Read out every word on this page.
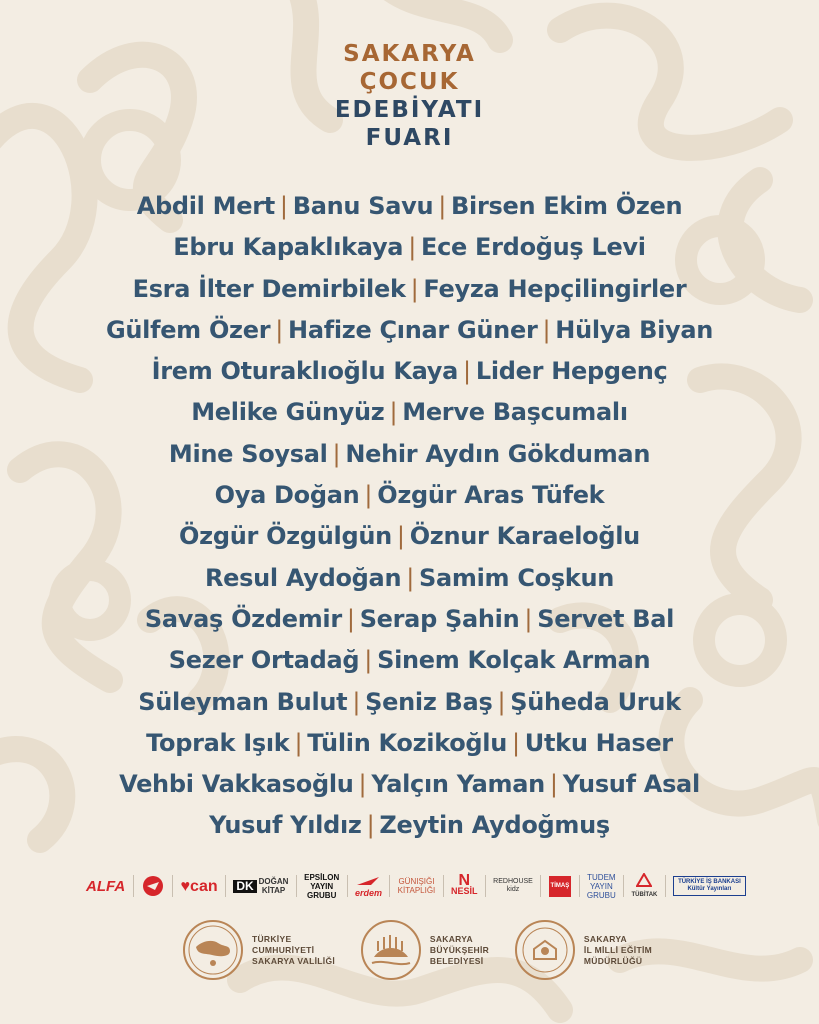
SAKARYA
ÇOCUK
EDEBİYATI
FUARI
Abdil Mert | Banu Savu | Birsen Ekim Özen
Ebru Kapaklıkaya | Ece Erdoğuş Levi
Esra İlter Demirbilek | Feyza Hepçilingirler
Gülfem Özer | Hafize Çınar Güner | Hülya Biyan
İrem Oturaklıoğlu Kaya | Lider Hepgenç
Melike Günyüz | Merve Başcumalı
Mine Soysal | Nehir Aydın Gökduman
Oya Doğan | Özgür Aras Tüfek
Özgür Özgülgün | Öznur Karaeloğlu
Resul Aydoğan | Samim Coşkun
Savaş Özdemir | Serap Şahin | Servet Bal
Sezer Ortadağ | Sinem Kolçak Arman
Süleyman Bulut | Şeniz Baş | Şüheda Uruk
Toprak Işık | Tülin Kozikoğlu | Utku Haser
Vehbi Vakkasoğlu | Yalçın Yaman | Yusuf Asal
Yusuf Yıldız | Zeytin Aydoğmuş
ALFA	♥can DK DOĞAN
KİTAP
EPSİLON
YAYIN
GRUBU	erdem
GÜNIŞIĞI
KİTAPLIĞI
N
NESİL
REDHOUSE
kidz
TİMAŞ
TUDEM
YAYIN
GRUBU	TÜBİTAK
TÜRKİYE İŞ BANKASI
Kültür Yayınları
TÜRKİYE
CUMHURİYETİ
SAKARYA VALİLİĞİ
SAKARYA
BÜYÜKŞEHİR
BELEDİYESİ
SAKARYA
İL MİLLİ EĞİTİM
MÜDÜRLÜĞÜ
